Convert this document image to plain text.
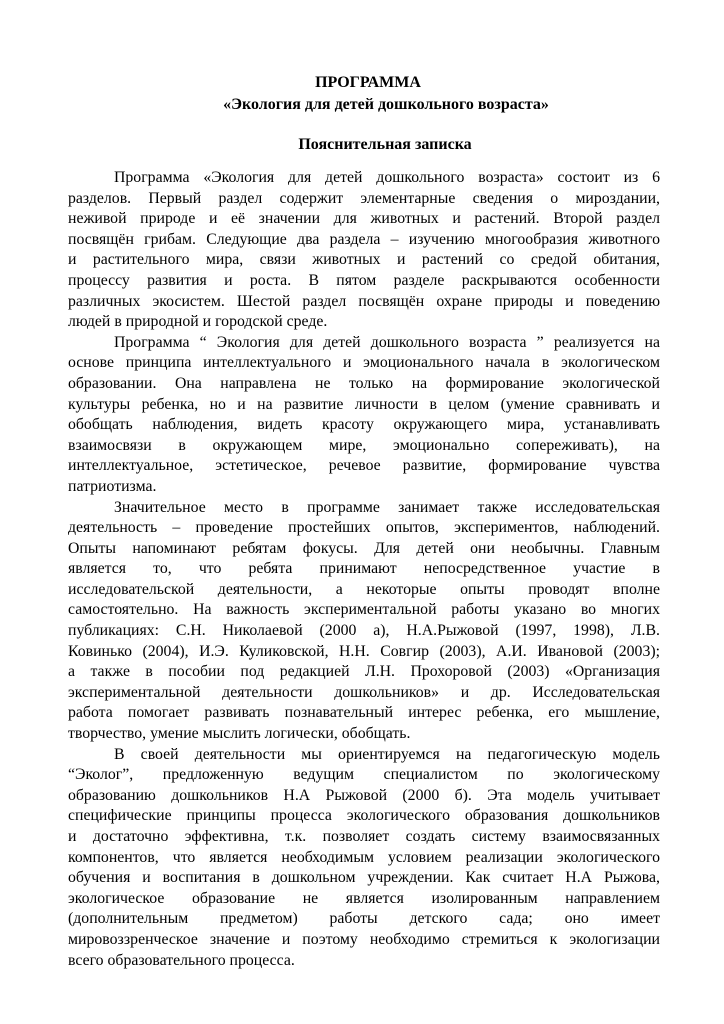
ПРОГРАММА
«Экология для детей дошкольного возраста»
Пояснительная записка

Программа «Экология для детей дошкольного возраста» состоит из 6
разделов. Первый раздел содержит элементарные сведения о мироздании,
неживой природе и её значении для животных и растений. Второй раздел
посвящён грибам. Следующие два раздела – изучению многообразия животного
и растительного мира, связи животных и растений со средой обитания,
процессу развития и роста. В пятом разделе раскрываются особенности
различных экосистем. Шестой раздел посвящён охране природы и поведению
людей в природной и городской среде.

Программа “ Экология для детей дошкольного возраста ” реализуется на
основе принципа интеллектуального и эмоционального начала в экологическом
образовании. Она направлена не только на формирование экологической
культуры ребенка, но и на развитие личности в целом (умение сравнивать и
обобщать наблюдения, видеть красоту окружающего мира, устанавливать
взаимосвязи в окружающем мире, эмоционально сопереживать), на
интеллектуальное, эстетическое, речевое развитие, формирование чувства
патриотизма.

Значительное место в программе занимает также исследовательская
деятельность – проведение простейших опытов, экспериментов, наблюдений.
Опыты напоминают ребятам фокусы. Для детей они необычны. Главным
является то, что ребята принимают непосредственное участие в
исследовательской деятельности, а некоторые опыты проводят вполне
самостоятельно. На важность экспериментальной работы указано во многих
публикациях: С.Н. Николаевой (2000 а), Н.А.Рыжовой (1997, 1998), Л.В.
Ковинько (2004), И.Э. Куликовской, Н.Н. Совгир (2003), А.И. Ивановой (2003);
а также в пособии под редакцией Л.Н. Прохоровой (2003) «Организация
экспериментальной деятельности дошкольников» и др. Исследовательская
работа помогает развивать познавательный интерес ребенка, его мышление,
творчество, умение мыслить логически, обобщать.

В своей деятельности мы ориентируемся на педагогическую модель
“Эколог”, предложенную ведущим специалистом по экологическому
образованию дошкольников Н.А Рыжовой (2000 б). Эта модель учитывает
специфические принципы процесса экологического образования дошкольников
и достаточно эффективна, т.к. позволяет создать систему взаимосвязанных
компонентов, что является необходимым условием реализации экологического
обучения и воспитания в дошкольном учреждении. Как считает Н.А Рыжова,
экологическое образование не является изолированным направлением
(дополнительным предметом) работы детского сада; оно имеет
мировоззренческое значение и поэтому необходимо стремиться к экологизации
всего образовательного процесса.
